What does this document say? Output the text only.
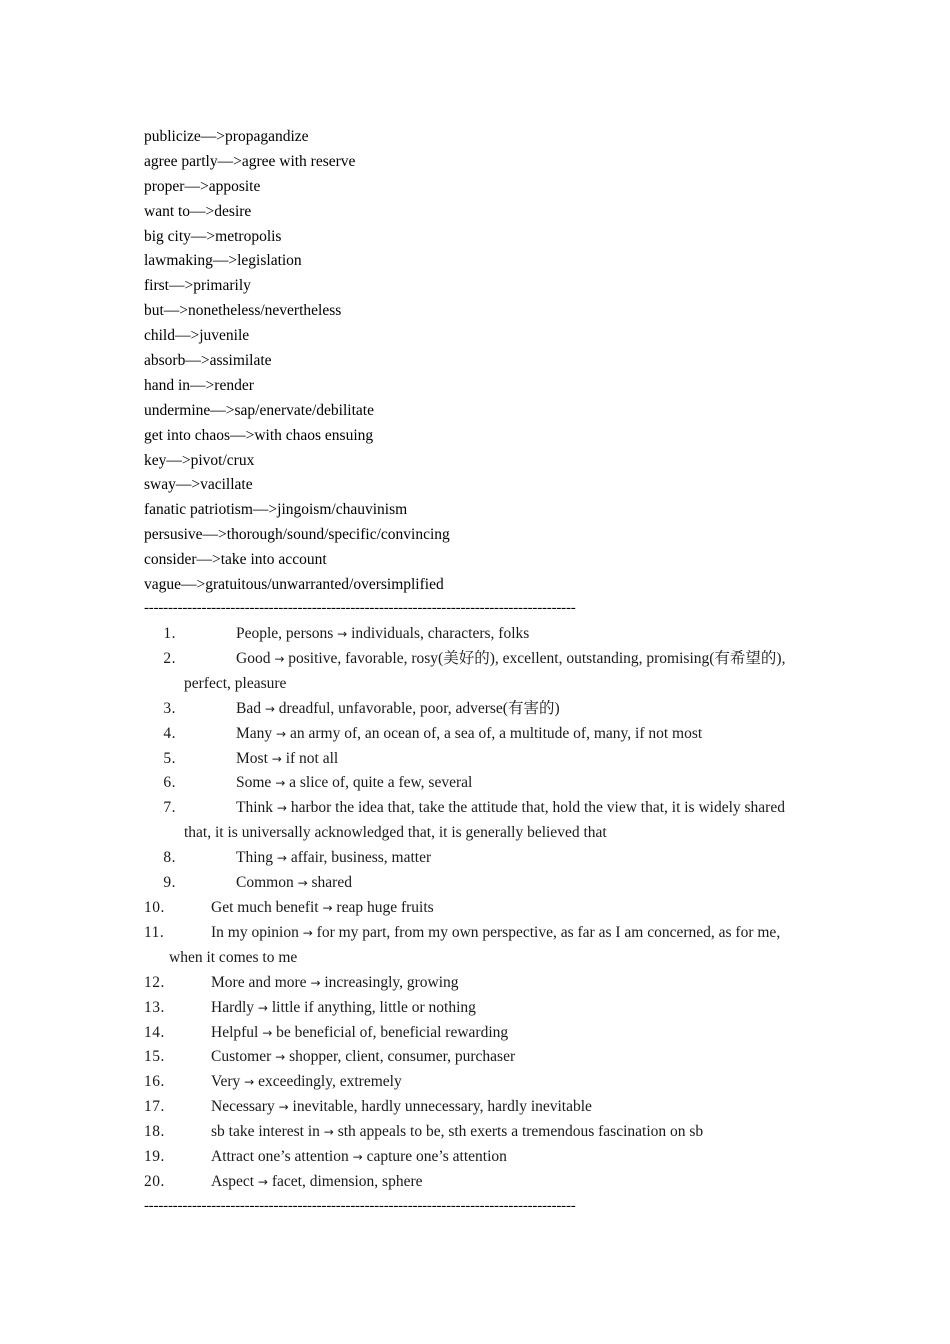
publicize—>propagandize
agree partly—>agree with reserve
proper—>apposite
want to—>desire
big city—>metropolis
lawmaking—>legislation
first—>primarily
but—>nonetheless/nevertheless
child—>juvenile
absorb—>assimilate
hand in—>render
undermine—>sap/enervate/debilitate
get into chaos—>with chaos ensuing
key—>pivot/crux
sway—>vacillate
fanatic patriotism—>jingoism/chauvinism
persusive—>thorough/sound/specific/convincing
consider—>take into account
vague—>gratuitous/unwarranted/oversimplified
------------------------------------------------------------------------------------------
1.	People, persons → individuals, characters, folks
2.	Good → positive, favorable, rosy(美好的), excellent, outstanding, promising(有希望的), perfect, pleasure
3.	Bad → dreadful, unfavorable, poor, adverse(有害的)
4.	Many → an army of, an ocean of, a sea of, a multitude of, many, if not most
5.	Most → if not all
6.	Some → a slice of, quite a few, several
7.	Think → harbor the idea that, take the attitude that, hold the view that, it is widely shared that, it is universally acknowledged that, it is generally believed that
8.	Thing → affair, business, matter
9.	Common → shared
10.	Get much benefit → reap huge fruits
11.	In my opinion → for my part, from my own perspective, as far as I am concerned, as for me, when it comes to me
12.	More and more → increasingly, growing
13.	Hardly → little if anything, little or nothing
14.	Helpful → be beneficial of, beneficial rewarding
15.	Customer → shopper, client, consumer, purchaser
16.	Very → exceedingly, extremely
17.	Necessary → inevitable, hardly unnecessary, hardly inevitable
18.	sb take interest in → sth appeals to be, sth exerts a tremendous fascination on sb
19.	Attract one’s attention → capture one’s attention
20.	Aspect → facet, dimension, sphere
------------------------------------------------------------------------------------------
